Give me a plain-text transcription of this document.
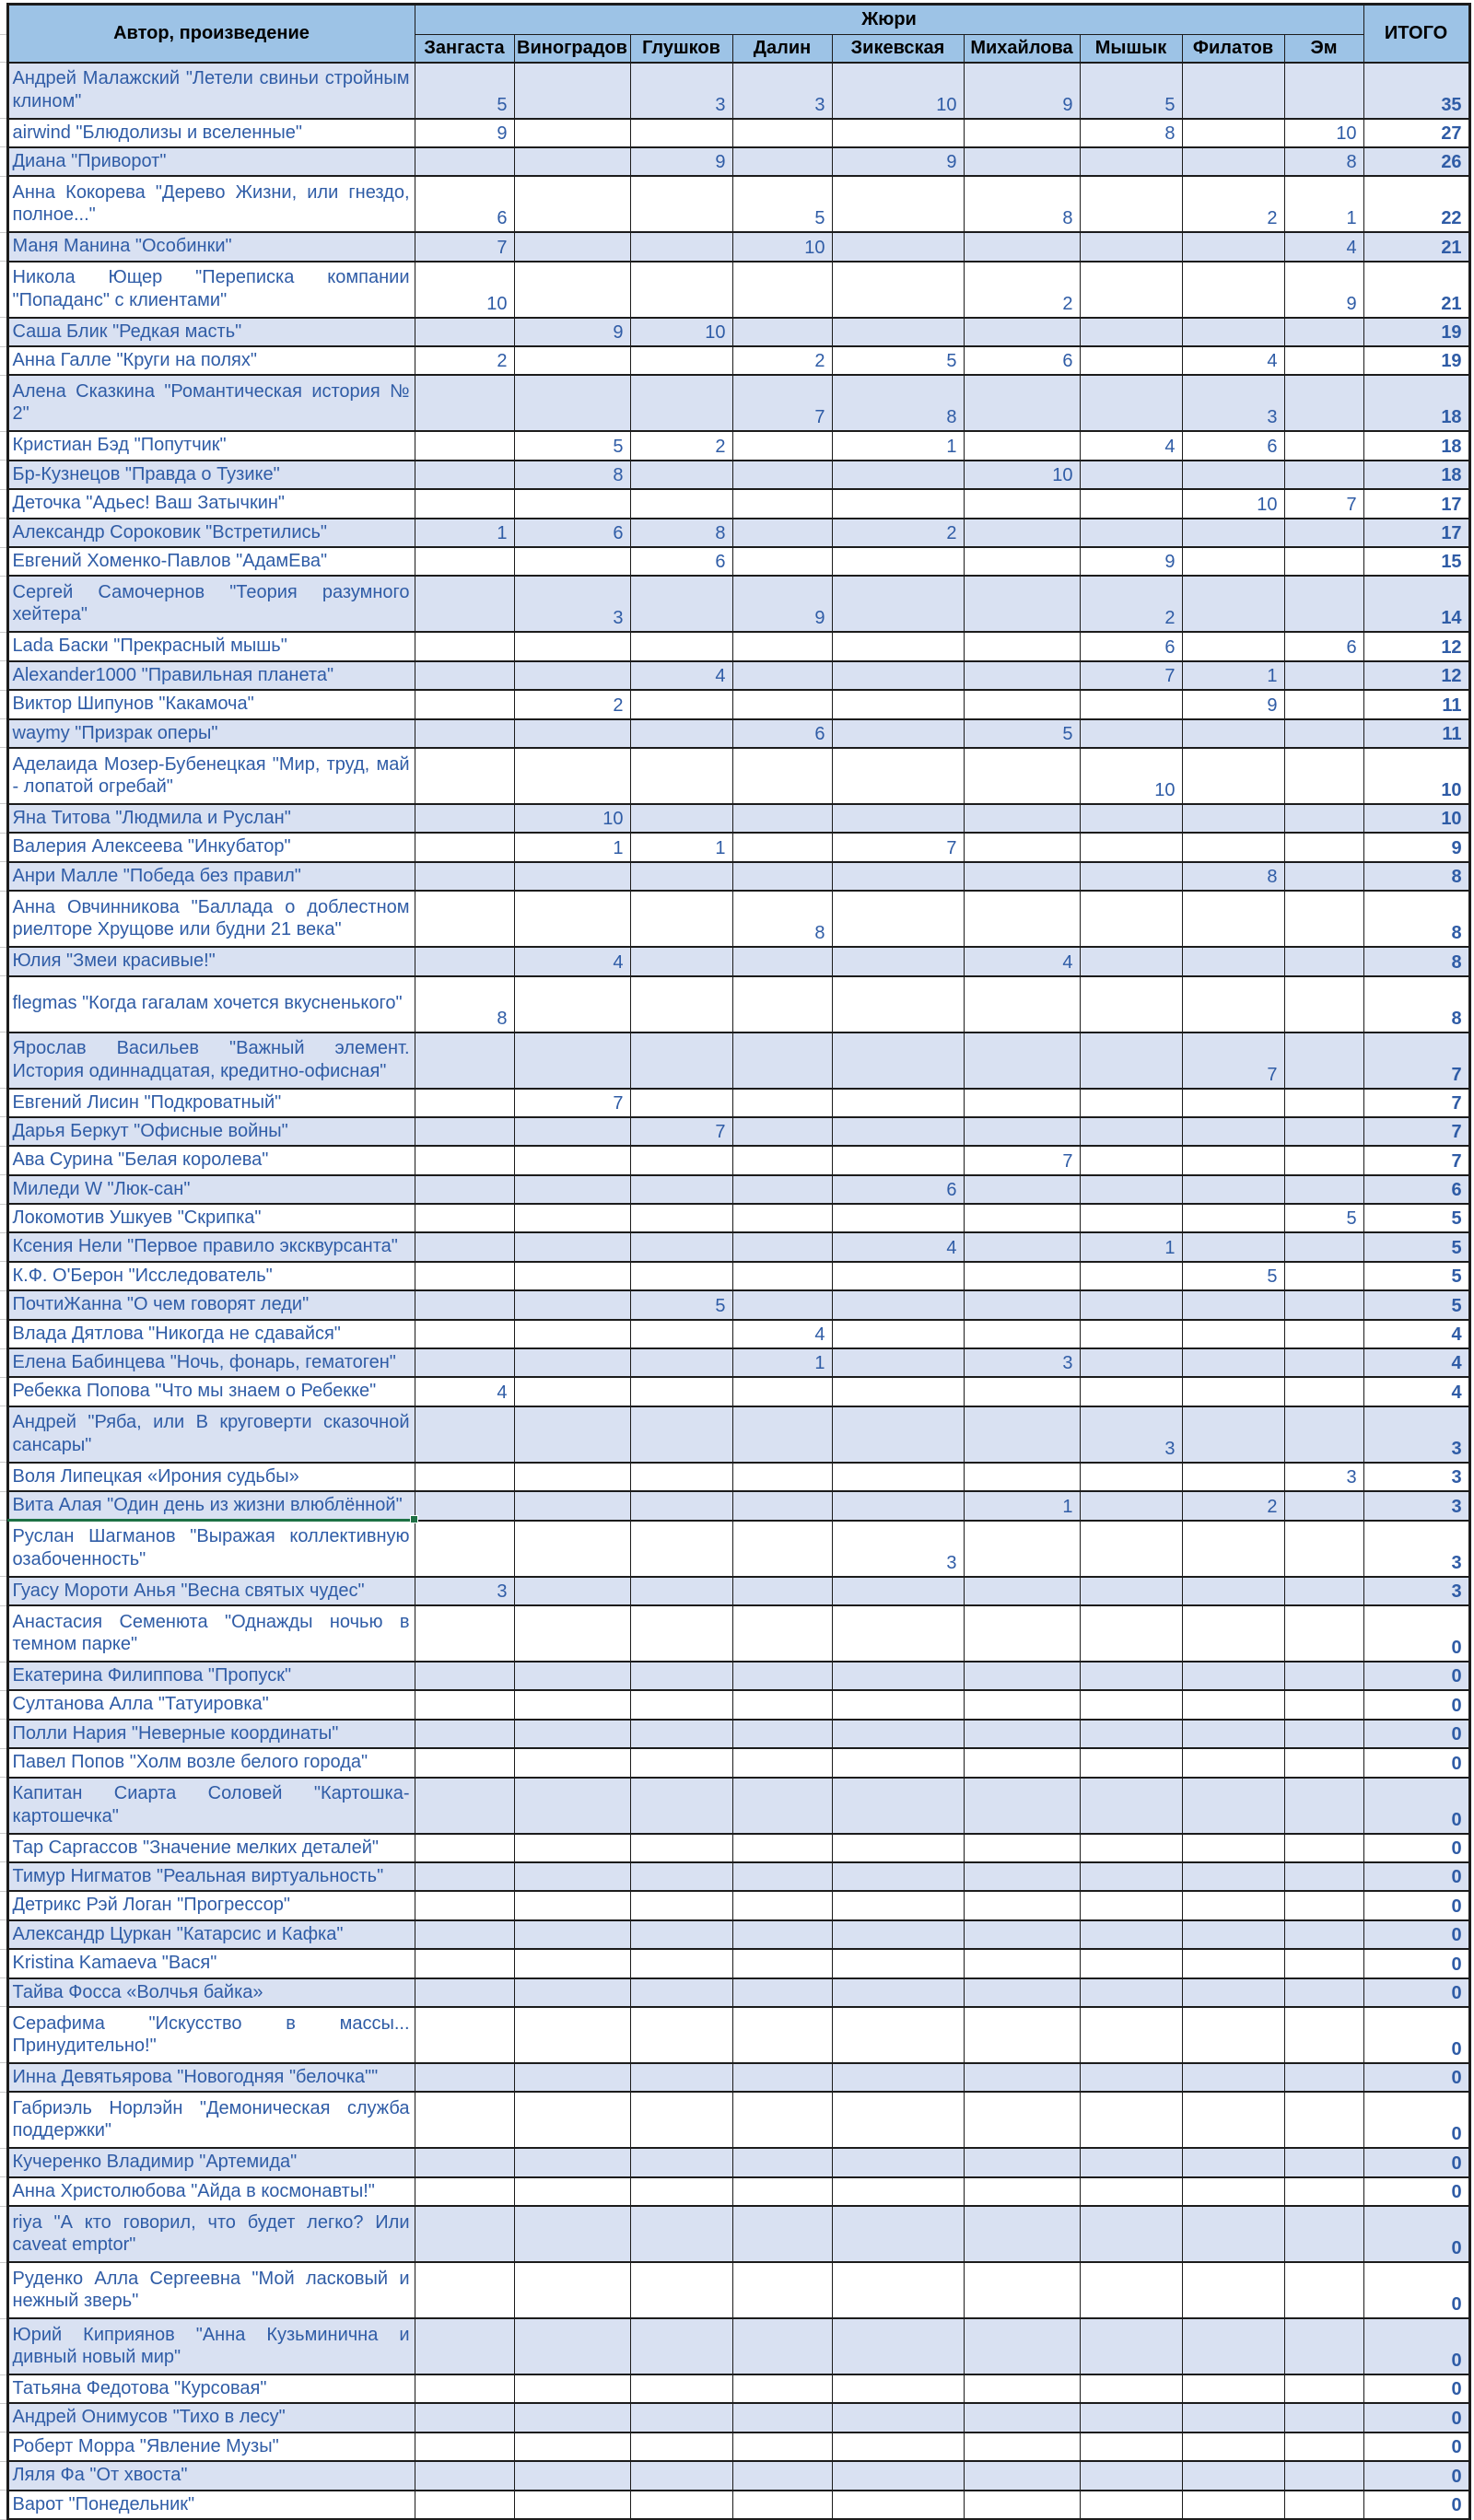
	Автор, произведение	Жюри									ИТОГО
		Зангаста	Виноградов	Глушков	Далин	Зикевская	Михайлова	Мышык	Филатов	Эм	
	Андрей Малажский "Летели свиньи стройным клином"	5		3	3	10	9	5			35
	airwind "Блюдолизы и вселенные"	9						8		10	27
	Диана "Приворот"			9		9				8	26
	Анна Кокорева "Дерево Жизни, или гнездо, полное..."	6			5		8		2	1	22
	Маня Манина "Особинки"	7			10					4	21
	Никола Ющер "Переписка компании "Попаданс" с клиентами"	10					2			9	21
	Саша Блик "Редкая масть"		9	10							19
	Анна Галле "Круги на полях"	2			2	5	6		4		19
	Алена Сказкина "Романтическая история № 2"				7	8			3		18
	Кристиан Бэд "Попутчик"		5	2		1		4	6		18
	Бр-Кузнецов "Правда о Тузике"		8				10				18
	Деточка "Адьес! Ваш Затычкин"								10	7	17
	Александр Сороковик "Встретились"	1	6	8		2					17
	Евгений Хоменко-Павлов "АдамЕва"			6				9			15
	Сергей Самочернов "Теория разумного хейтера"		3		9			2			14
	Lada Баски "Прекрасный мышь"							6		6	12
	Alexander1000 "Правильная планета"			4				7	1		12
	Виктор Шипунов "Какамоча"		2						9		11
	waymy "Призрак оперы"				6		5				11
	Аделаида Мозер-Бубенецкая "Мир, труд, май - лопатой огребай"							10			10
	Яна Титова "Людмила и Руслан"		10								10
	Валерия Алексеева "Инкубатор"		1	1		7					9
	Анри Малле "Победа без правил"								8		8
	Анна Овчинникова "Баллада о доблестном риелторе Хрущове или будни 21 века"				8						8
	Юлия "Змеи красивые!"		4				4				8
	flegmas "Когда гагалам хочется вкусненького"	8									8
	Ярослав Васильев "Важный элемент. История одиннадцатая, кредитно-офисная"								7		7
	Евгений Лисин "Подкроватный"		7								7
	Дарья Беркут "Офисные войны"			7							7
	Ава Сурина "Белая королева"						7				7
	Миледи W "Люк-сан"					6					6
	Локомотив Ушкуев "Скрипка"									5	5
	Ксения Нели "Первое правило эксквурсанта"					4		1			5
	К.Ф. О'Берон "Исследователь"								5		5
	ПочтиЖанна "О чем говорят леди"			5							5
	Влада Дятлова "Никогда не сдавайся"				4						4
	Елена Бабинцева "Ночь, фонарь, гематоген"				1		3				4
	Ребекка Попова "Что мы знаем о Ребекке"	4									4
	Андрей "Ряба, или В круговерти сказочной сансары"							3			3
	Воля Липецкая «Ирония судьбы»									3	3
	Вита Алая "Один день из жизни влюблённой"						1		2		3
	Руслан Шагманов "Выражая коллективную озабоченность"					3					3
	Гуасу Мороти Анья "Весна святых чудес"	3									3
	Анастасия Семенюта "Однажды ночью в темном парке"										0
	Екатерина Филиппова "Пропуск"										0
	Султанова Алла "Татуировка"										0
	Полли Нария "Неверные координаты"										0
	Павел Попов "Холм возле белого города"										0
	Капитан Сиарта Соловей "Картошка-картошечка"										0
	Тар Саргассов "Значение мелких деталей"										0
	Тимур Нигматов "Реальная виртуальность"										0
	Детрикс Рэй Логан "Прогрессор"										0
	Александр Цуркан "Катарсис и Кафка"										0
	Kristina Kamaeva "Вася"										0
	Тайва Фосса «Волчья байка»										0
	Серафима "Искусство в массы... Принудительно!"										0
	Инна Девятьярова "Новогодняя "белочка""										0
	Габриэль Норлэйн "Демоническая служба поддержки"										0
	Кучеренко Владимир "Артемида"										0
	Анна Христолюбова "Айда в космонавты!"										0
	riya "А кто говорил, что будет легко? Или caveat emptor"										0
	Руденко Алла Сергеевна "Мой ласковый и нежный зверь"										0
	Юрий Киприянов "Анна Кузьминична и дивный новый мир"										0
	Татьяна Федотова "Курсовая"										0
	Андрей Онимусов "Тихо в лесу"										0
	Роберт Морра "Явление Музы"										0
	Ляля Фа "От хвоста"										0
	Варот "Понедельник"										0
